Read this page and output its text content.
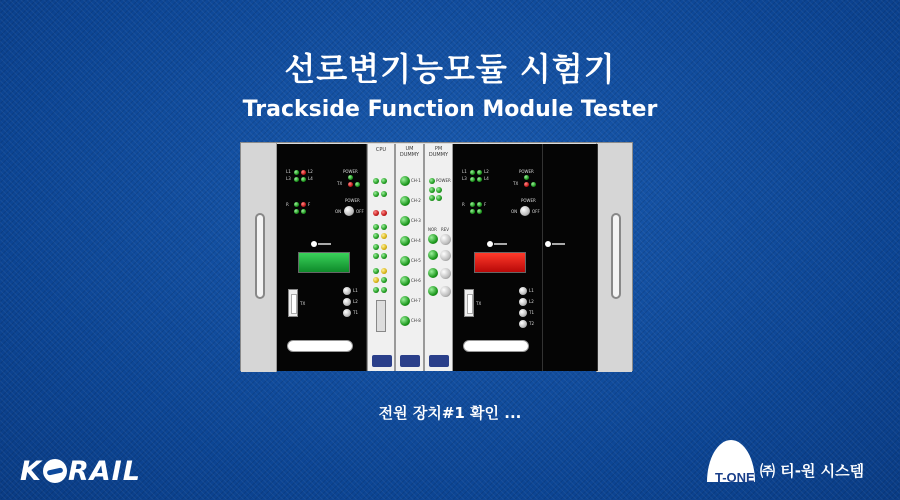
선로변기능모듈 시험기
Trackside Function Module Tester
L1	L2
L3	L4
R	F
POWER
TX
POWER
ON	OFF
TX
L1
L2
T1
CPU	UM
DUMMY
CH-1
CH-2
CH-3
CH-4
CH-5
CH-6
CH-7
CH-8
PM
DUMMY
POWER
NOR REV
L1	L2
L3	L4
R	F
POWER
TX
POWER
ON	OFF
TX
L1
L2
T1
T2
전원 장치#1 확인 ...
K RAIL	T-ONE ㈜ 티-원 시스템
